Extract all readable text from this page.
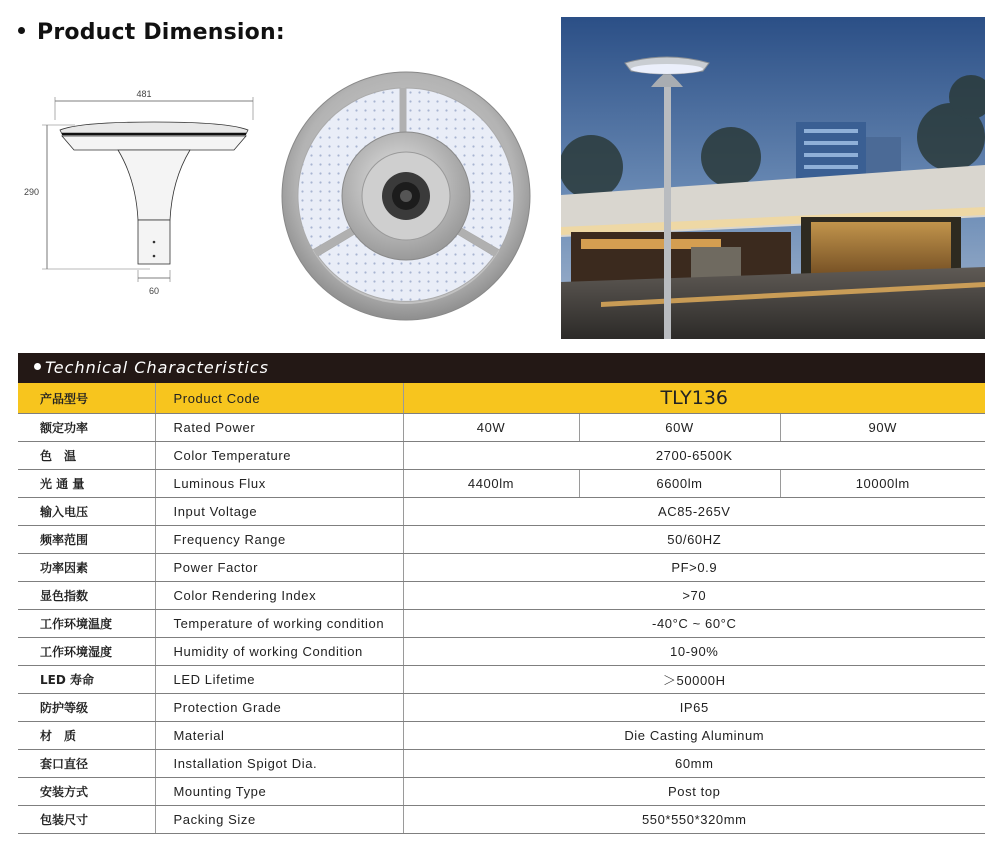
Product Dimension:
481
290
60
Technical Characteristics
产品型号	Product Code	TLY136		
额定功率	Rated Power	40W	60W	90W
色　温	Color Temperature	2700-6500K		
光 通 量	Luminous Flux	4400lm	6600lm	10000lm
输入电压	Input Voltage	AC85-265V		
频率范围	Frequency Range	50/60HZ		
功率因素	Power Factor	PF>0.9		
显色指数	Color Rendering Index	>70		
工作环境温度	Temperature of working condition	-40°C ~ 60°C		
工作环境湿度	Humidity of working Condition	10-90%		
LED 寿命	LED Lifetime	＞50000H		
防护等级	Protection Grade	IP65		
材　质	Material	Die Casting Aluminum		
套口直径	Installation Spigot Dia.	60mm		
安装方式	Mounting Type	Post top		
包装尺寸	Packing Size	550*550*320mm		
